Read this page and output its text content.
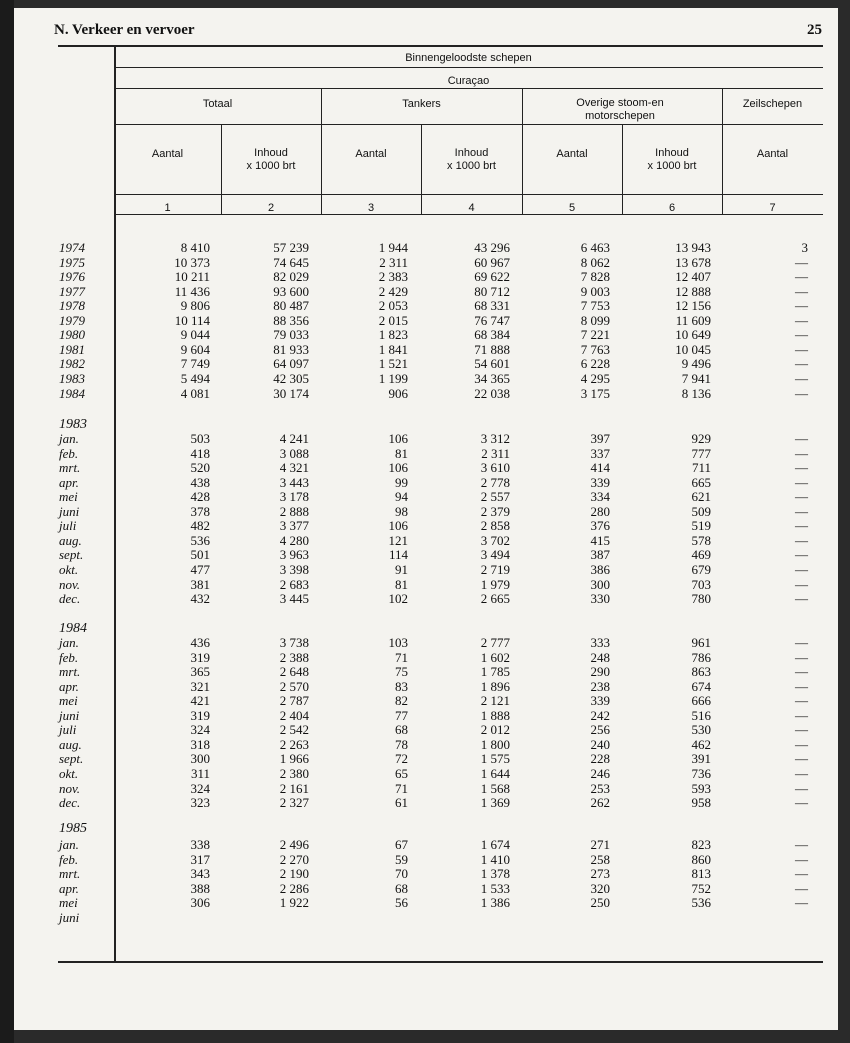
N. Verkeer en vervoer	25
Binnengeloodste schepen
Curaçao
Totaal	Tankers	Overige stoom-en motorschepen
Zeilschepen
Aantal	Inhoud
x 1000 brt
Aantal	Inhoud
x 1000 brt
Aantal	Inhoud
x 1000 brt
Aantal
1	2	3	4	5	6	7
1974	8 410	57 239	1 944	43 296	6 463	13 943	3
1975	10 373	74 645	2 311	60 967	8 062	13 678	—
1976	10 211	82 029	2 383	69 622	7 828	12 407	—
1977	11 436	93 600	2 429	80 712	9 003	12 888	—
1978	9 806	80 487	2 053	68 331	7 753	12 156	—
1979	10 114	88 356	2 015	76 747	8 099	11 609	—
1980	9 044	79 033	1 823	68 384	7 221	10 649	—
1981	9 604	81 933	1 841	71 888	7 763	10 045	—
1982	7 749	64 097	1 521	54 601	6 228	9 496	—
1983	5 494	42 305	1 199	34 365	4 295	7 941	—
1984	4 081	30 174	906	22 038	3 175	8 136	—
1983
jan.	503	4 241	106	3 312	397	929	—
feb.	418	3 088	81	2 311	337	777	—
mrt.	520	4 321	106	3 610	414	711	—
apr.	438	3 443	99	2 778	339	665	—
mei	428	3 178	94	2 557	334	621	—
juni	378	2 888	98	2 379	280	509	—
juli	482	3 377	106	2 858	376	519	—
aug.	536	4 280	121	3 702	415	578	—
sept.	501	3 963	114	3 494	387	469	—
okt.	477	3 398	91	2 719	386	679	—
nov.	381	2 683	81	1 979	300	703	—
dec.	432	3 445	102	2 665	330	780	—
1984
jan.	436	3 738	103	2 777	333	961	—
feb.	319	2 388	71	1 602	248	786	—
mrt.	365	2 648	75	1 785	290	863	—
apr.	321	2 570	83	1 896	238	674	—
mei	421	2 787	82	2 121	339	666	—
juni	319	2 404	77	1 888	242	516	—
juli	324	2 542	68	2 012	256	530	—
aug.	318	2 263	78	1 800	240	462	—
sept.	300	1 966	72	1 575	228	391	—
okt.	311	2 380	65	1 644	246	736	—
nov.	324	2 161	71	1 568	253	593	—
dec.	323	2 327	61	1 369	262	958	—
1985
jan.	338	2 496	67	1 674	271	823	—
feb.	317	2 270	59	1 410	258	860	—
mrt.	343	2 190	70	1 378	273	813	—
apr.	388	2 286	68	1 533	320	752	—
mei	306	1 922	56	1 386	250	536	—
juni
